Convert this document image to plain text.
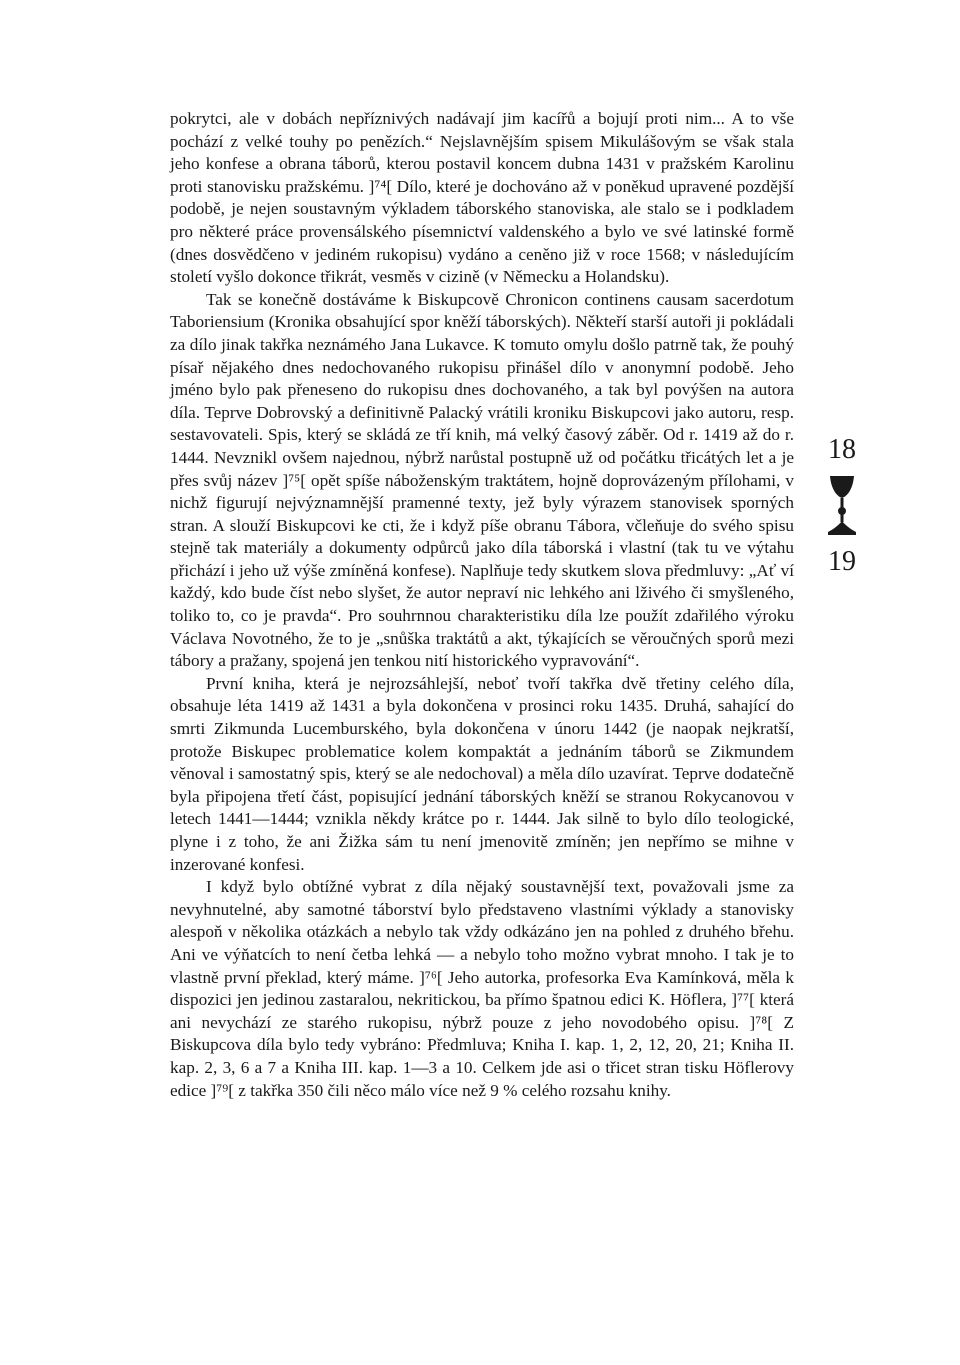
pokrytci, ale v dobách nepříznivých nadávají jim kacířů a bojují proti nim... A to vše pochází z velké touhy po penězích.“ Nejslavnějším spisem Mikulášovým se však stala jeho konfese a obrana táborů, kterou postavil koncem dubna 1431 v pražském Karolinu proti stanovisku pražskému. ]⁷⁴[ Dílo, které je dochováno až v poněkud upravené pozdější podobě, je nejen soustavným výkladem táborského stanoviska, ale stalo se i podkladem pro některé práce provensálského písemnictví valdenského a bylo ve své latinské formě (dnes dosvědčeno v jediném rukopisu) vydáno a ceněno již v roce 1568; v následujícím století vyšlo dokonce třikrát, vesměs v cizině (v Německu a Holandsku).

Tak se konečně dostáváme k Biskupcově Chronicon continens causam sacerdotum Taboriensium (Kronika obsahující spor kněží táborských). Někteří starší autoři ji pokládali za dílo jinak takřka neznámého Jana Lukavce. K tomuto omylu došlo patrně tak, že pouhý písař nějakého dnes nedochovaného rukopisu přinášel dílo v anonymní podobě. Jeho jméno bylo pak přeneseno do rukopisu dnes dochovaného, a tak byl povýšen na autora díla. Teprve Dobrovský a definitivně Palacký vrátili kroniku Biskupcovi jako autoru, resp. sestavovateli. Spis, který se skládá ze tří knih, má velký časový záběr. Od r. 1419 až do r. 1444. Nevznikl ovšem najednou, nýbrž narůstal postupně už od počátku třicátých let a je přes svůj název ]⁷⁵[ opět spíše náboženským traktátem, hojně doprovázeným přílohami, v nichž figurují nejvýznamnější pramenné texty, jež byly výrazem stanovisek sporných stran. A slouží Biskupcovi ke cti, že i když píše obranu Tábora, včleňuje do svého spisu stejně tak materiály a dokumenty odpůrců jako díla táborská i vlastní (tak tu ve výtahu přichází i jeho už výše zmíněná konfese). Naplňuje tedy skutkem slova předmluvy: „Ať ví každý, kdo bude číst nebo slyšet, že autor nepraví nic lehkého ani lživého či smyšleného, toliko to, co je pravda“. Pro souhrnnou charakteristiku díla lze použít zdařilého výroku Václava Novotného, že to je „snůška traktátů a akt, týkajících se věroučných sporů mezi tábory a pražany, spojená jen tenkou nití historického vypravování“.

První kniha, která je nejrozsáhlejší, neboť tvoří takřka dvě třetiny celého díla, obsahuje léta 1419 až 1431 a byla dokončena v prosinci roku 1435. Druhá, sahající do smrti Zikmunda Lucemburského, byla dokončena v únoru 1442 (je naopak nejkratší, protože Biskupec problematice kolem kompaktát a jednáním táborů se Zikmundem věnoval i samostatný spis, který se ale nedochoval) a měla dílo uzavírat. Teprve dodatečně byla připojena třetí část, popisující jednání táborských kněží se stranou Rokycanovou v letech 1441—1444; vznikla někdy krátce po r. 1444. Jak silně to bylo dílo teologické, plyne i z toho, že ani Žižka sám tu není jmenovitě zmíněn; jen nepřímo se mihne v inzerované konfesi.

I když bylo obtížné vybrat z díla nějaký soustavnější text, považovali jsme za nevyhnutelné, aby samotné táborství bylo představeno vlastními výklady a stanovisky alespoň v několika otázkách a nebylo tak vždy odkázáno jen na pohled z druhého břehu. Ani ve výňatcích to není četba lehká — a nebylo toho možno vybrat mnoho. I tak je to vlastně první překlad, který máme. ]⁷⁶[ Jeho autorka, profesorka Eva Kamínková, měla k dispozici jen jedinou zastaralou, nekritickou, ba přímo špatnou edici K. Höflera, ]⁷⁷[ která ani nevychází ze starého rukopisu, nýbrž pouze z jeho novodobého opisu. ]⁷⁸[ Z Biskupcova díla bylo tedy vybráno: Předmluva; Kniha I. kap. 1, 2, 12, 20, 21; Kniha II. kap. 2, 3, 6 a 7 a Kniha III. kap. 1—3 a 10. Celkem jde asi o třicet stran tisku Höflerovy edice ]⁷⁹[ z takřka 350 čili něco málo více než 9 % celého rozsahu knihy.

18
19
